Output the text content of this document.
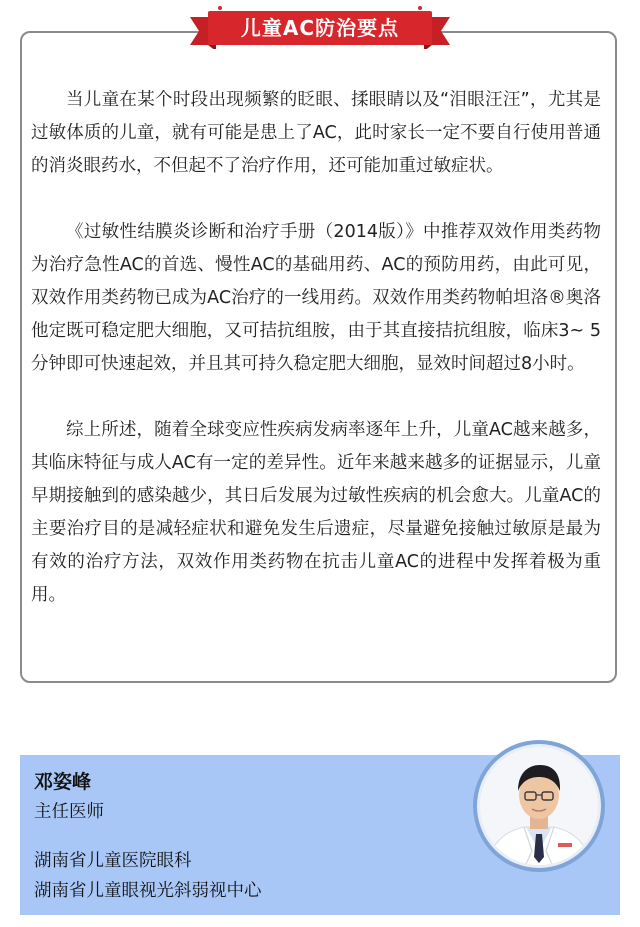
儿童AC防治要点

当儿童在某个时段出现频繁的眨眼、揉眼睛以及“泪眼汪汪”，尤其是过敏体质的儿童，就有可能是患上了AC，此时家长一定不要自行使用普通的消炎眼药水，不但起不了治疗作用，还可能加重过敏症状。

《过敏性结膜炎诊断和治疗手册（2014版）》中推荐双效作用类药物为治疗急性AC的首选、慢性AC的基础用药、AC的预防用药，由此可见，双效作用类药物已成为AC治疗的一线用药。双效作用类药物帕坦洛®奥洛他定既可稳定肥大细胞，又可拮抗组胺，由于其直接拮抗组胺，临床3~ 5分钟即可快速起效，并且其可持久稳定肥大细胞，显效时间超过8小时。

综上所述，随着全球变应性疾病发病率逐年上升，儿童AC越来越多，其临床特征与成人AC有一定的差异性。近年来越来越多的证据显示，儿童早期接触到的感染越少，其日后发展为过敏性疾病的机会愈大。儿童AC的主要治疗目的是减轻症状和避免发生后遗症，尽量避免接触过敏原是最为有效的治疗方法，双效作用类药物在抗击儿童AC的进程中发挥着极为重用。

邓姿峰
主任医师
湖南省儿童医院眼科
湖南省儿童眼视光斜弱视中心
